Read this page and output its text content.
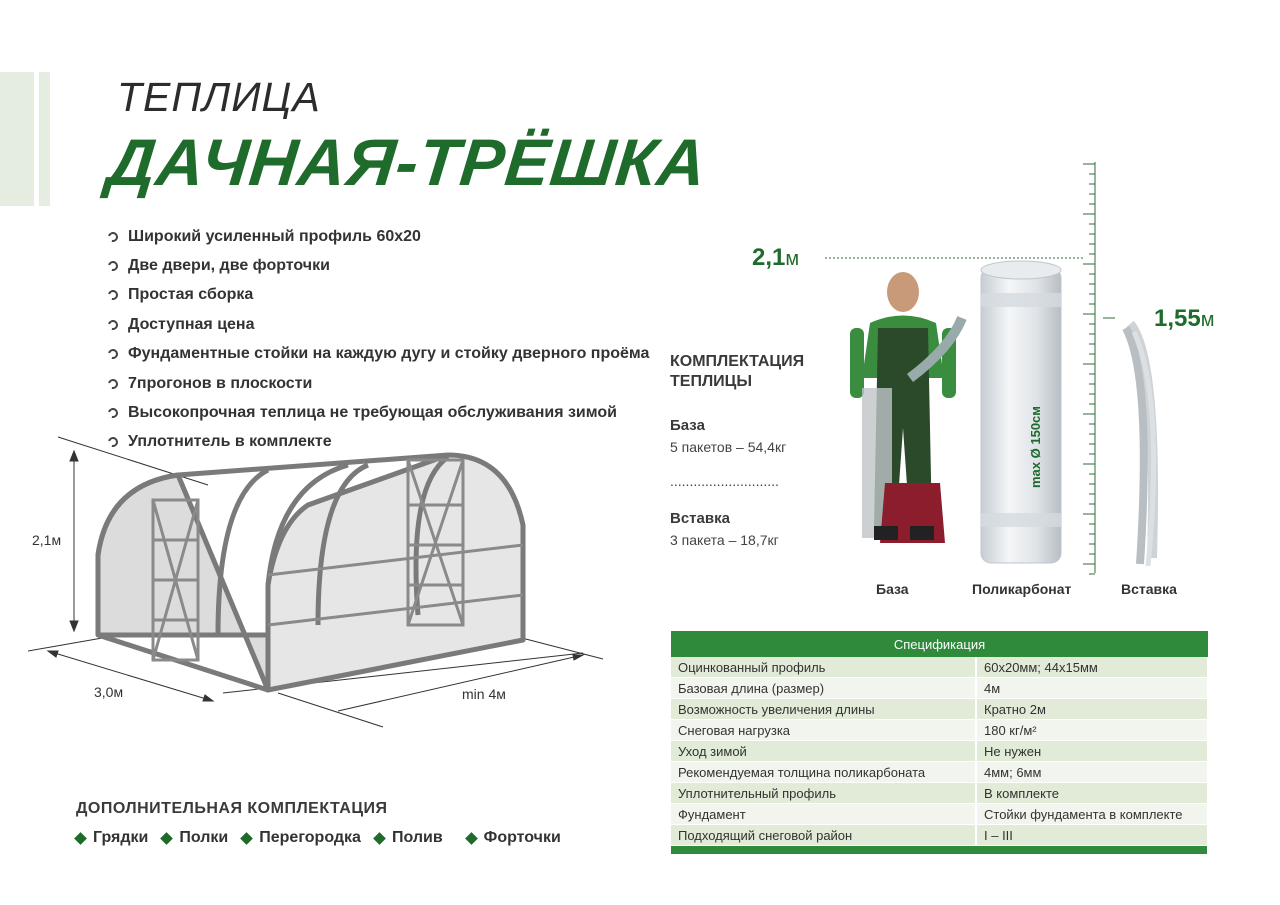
ТЕПЛИЦА
ДАЧНАЯ-ТРЁШКА
Широкий усиленный профиль 60х20
Две двери, две форточки
Простая сборка
Доступная цена
Фундаментные стойки на каждую дугу и стойку дверного проёма
7прогонов в плоскости
Высокопрочная теплица не требующая обслуживания зимой
Уплотнитель в комплекте
2,1м
3,0м	min 4м
КОМПЛЕКТАЦИЯ
ТЕПЛИЦЫ
База
5 пакетов – 54,4кг
............................
Вставка
3 пакета – 18,7кг
2,1м
1,55м
max Ø 150см
База	Поликарбонат	Вставка
Спецификация	
Оцинкованный профиль	60х20мм; 44х15мм
Базовая длина (размер)	4м
Возможность увеличения длины	Кратно 2м
Снеговая нагрузка	180 кг/м²
Уход зимой	Не нужен
Рекомендуемая толщина поликарбоната	4мм; 6мм
Уплотнительный профиль	В комплекте
Фундамент	Стойки фундамента в комплекте
Подходящий снеговой район	I – III

ДОПОЛНИТЕЛЬНАЯ КОМПЛЕКТАЦИЯ
Грядки Полки Перегородка Полив	Форточки
